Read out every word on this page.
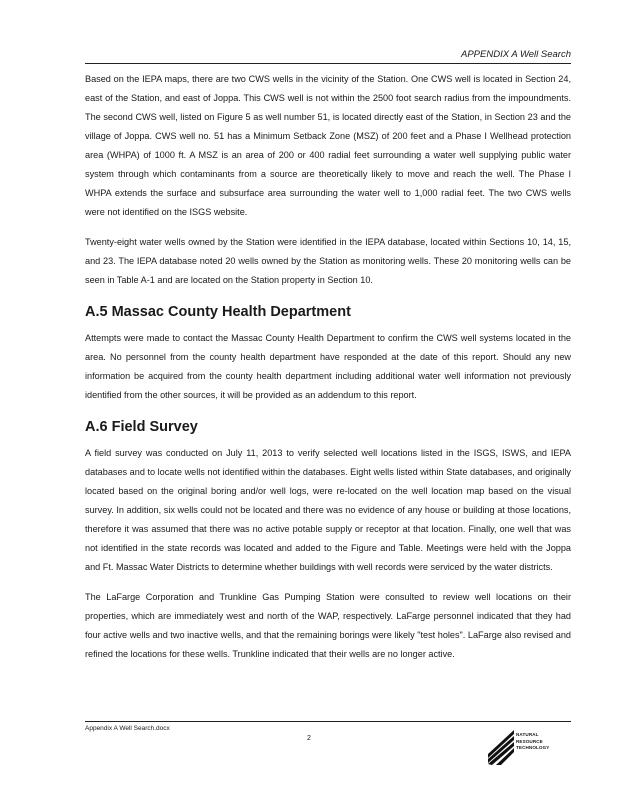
APPENDIX A Well Search

Based on the IEPA maps, there are two CWS wells in the vicinity of the Station. One CWS well is located in Section 24, east of the Station, and east of Joppa. This CWS well is not within the 2500 foot search radius from the impoundments. The second CWS well, listed on Figure 5 as well number 51, is located directly east of the Station, in Section 23 and the village of Joppa. CWS well no. 51 has a Minimum Setback Zone (MSZ) of 200 feet and a Phase I Wellhead protection area (WHPA) of 1000 ft. A MSZ is an area of 200 or 400 radial feet surrounding a water well supplying public water system through which contaminants from a source are theoretically likely to move and reach the well. The Phase I WHPA extends the surface and subsurface area surrounding the water well to 1,000 radial feet. The two CWS wells were not identified on the ISGS website.

Twenty-eight water wells owned by the Station were identified in the IEPA database, located within Sections 10, 14, 15, and 23. The IEPA database noted 20 wells owned by the Station as monitoring wells. These 20 monitoring wells can be seen in Table A-1 and are located on the Station property in Section 10.

A.5 Massac County Health Department

Attempts were made to contact the Massac County Health Department to confirm the CWS well systems located in the area. No personnel from the county health department have responded at the date of this report. Should any new information be acquired from the county health department including additional water well information not previously identified from the other sources, it will be provided as an addendum to this report.

A.6 Field Survey

A field survey was conducted on July 11, 2013 to verify selected well locations listed in the ISGS, ISWS, and IEPA databases and to locate wells not identified within the databases. Eight wells listed within State databases, and originally located based on the original boring and/or well logs, were re-located on the well location map based on the visual survey. In addition, six wells could not be located and there was no evidence of any house or building at those locations, therefore it was assumed that there was no active potable supply or receptor at that location. Finally, one well that was not identified in the state records was located and added to the Figure and Table. Meetings were held with the Joppa and Ft. Massac Water Districts to determine whether buildings with well records were serviced by the water districts.

The LaFarge Corporation and Trunkline Gas Pumping Station were consulted to review well locations on their properties, which are immediately west and north of the WAP, respectively. LaFarge personnel indicated that they had four active wells and two inactive wells, and that the remaining borings were likely "test holes". LaFarge also revised and refined the locations for these wells. Trunkline indicated that their wells are no longer active.

Appendix A Well Search.docx
2
NATURAL
RESOURCE
TECHNOLOGY
